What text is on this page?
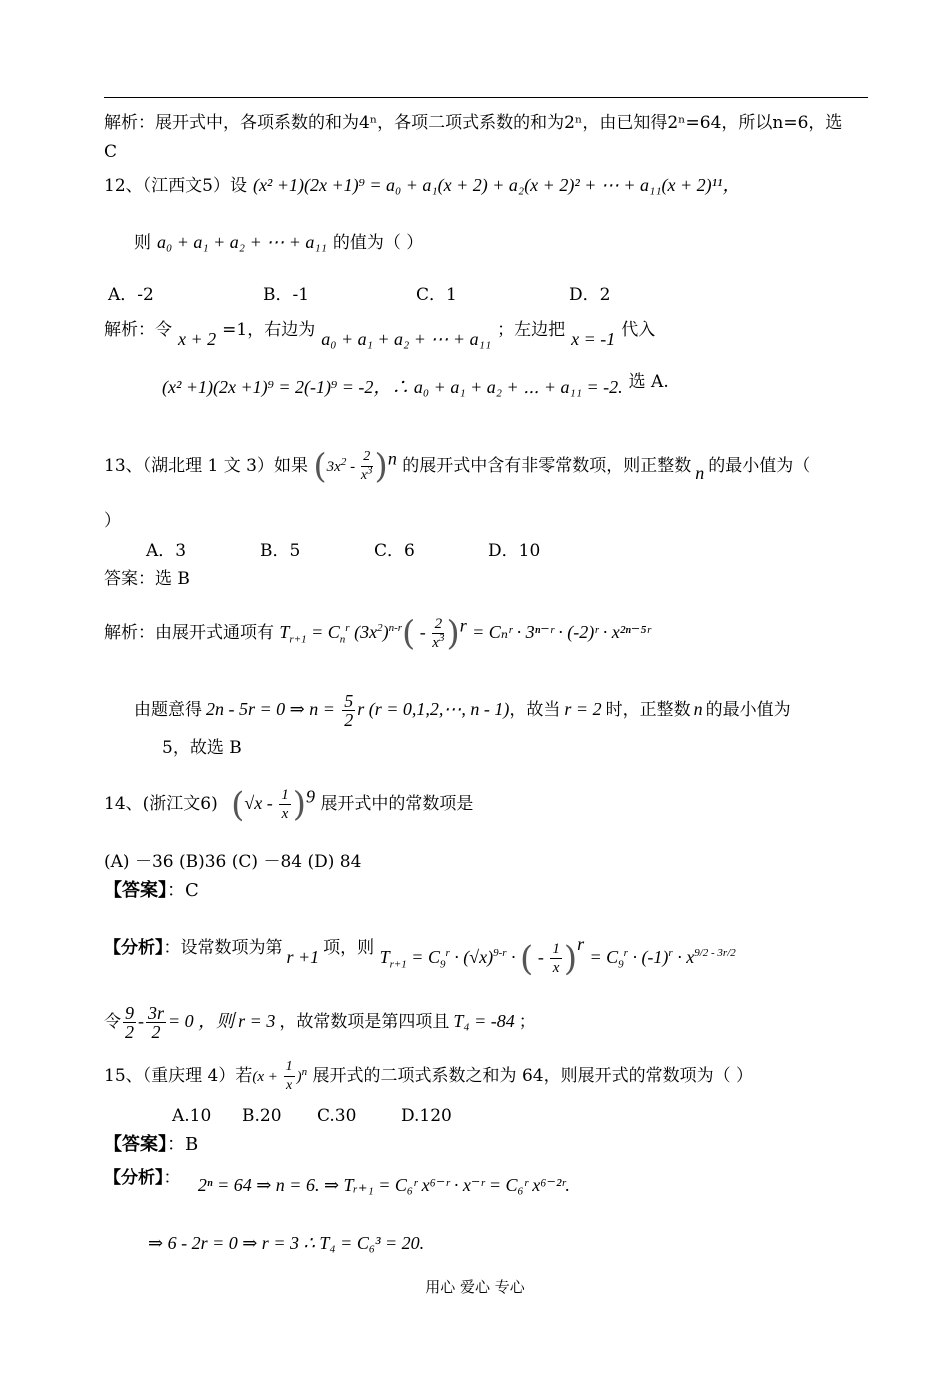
解析：展开式中，各项系数的和为4ⁿ，各项二项式系数的和为2ⁿ，由已知得2ⁿ=64，所以n=6，选
C
12、（江西文5）设 (x² +1)(2x +1)⁹ = a₀ + a₁(x + 2) + a₂(x + 2)² + ⋯ + a₁₁(x + 2)¹¹，
则 a₀ + a₁ + a₂ + ⋯ + a₁₁ 的值为（ ）
A．-2	B．-1	C．1	D．2
解析：令 x + 2 =1，右边为 a₀ + a₁ + a₂ + ⋯ + a₁₁ ；左边把 x = -1 代入
(x² +1)(2x +1)⁹ = 2(-1)⁹ = -2，∴ a₀ + a₁ + a₂ + ⋯ + a₁₁ = -2. 选 A.
13、（湖北理 1 文 3）如果 $(3x^2 - \frac{2}{x^3} )^n$ 的展开式中含有非零常数项，则正整数 n 的最小值为（
）
A．3	B．5	C．6	D．10
答案：选 B
解析：由展开式通项有 $T_{r+1} = C_n^r$ $(3x^2)^{n-r}( - \frac{2}{x^3} )^r$ = Cₙʳ · 3ⁿ⁻ʳ · (-2)ʳ · x²ⁿ⁻⁵ʳ
由题意得 2n - 5r = 0 ⇒ $n = \frac{5}{2}$ r (r = 0,1,2,⋯, n - 1)，故当 r = 2 时，正整数 n 的最小值为
5，故选 B
14、(浙江文6) $(√x - \frac{1}{x} )^9$ 展开式中的常数项是
(A) －36 (B)36 (C) －84 (D) 84
【答案】：C
【分析】：设常数项为第 r +1 项，则 $T_{r+1} = C_9^r \cdot (√x)^{9-r}$ · ( - $\frac{1}{x} )^r = C_9^r \cdot (-1)^r \cdot x^{9/2 - 3r/2}$
令 $\frac{9}{2} - \frac{3r}{2} = 0$ ，则 r = 3 ，故常数项是第四项且 T₄ = -84 ；
15、（重庆理 4）若$(x + \frac{1}{x} )^n$ 展开式的二项式系数之和为 64，则展开式的常数项为（ ）
A.10 B.20 C.30	D.120
【答案】：B
【分析】： 2ⁿ = 64 ⇒ n = 6. ⇒ Tᵣ₊₁ = C₆ʳ x⁶⁻ʳ · x⁻ʳ = C₆ʳ x⁶⁻²ʳ.
⇒ 6 - 2r = 0 ⇒ r = 3 ∴ T₄ = C₆³ = 20.
用心 爱心 专心
